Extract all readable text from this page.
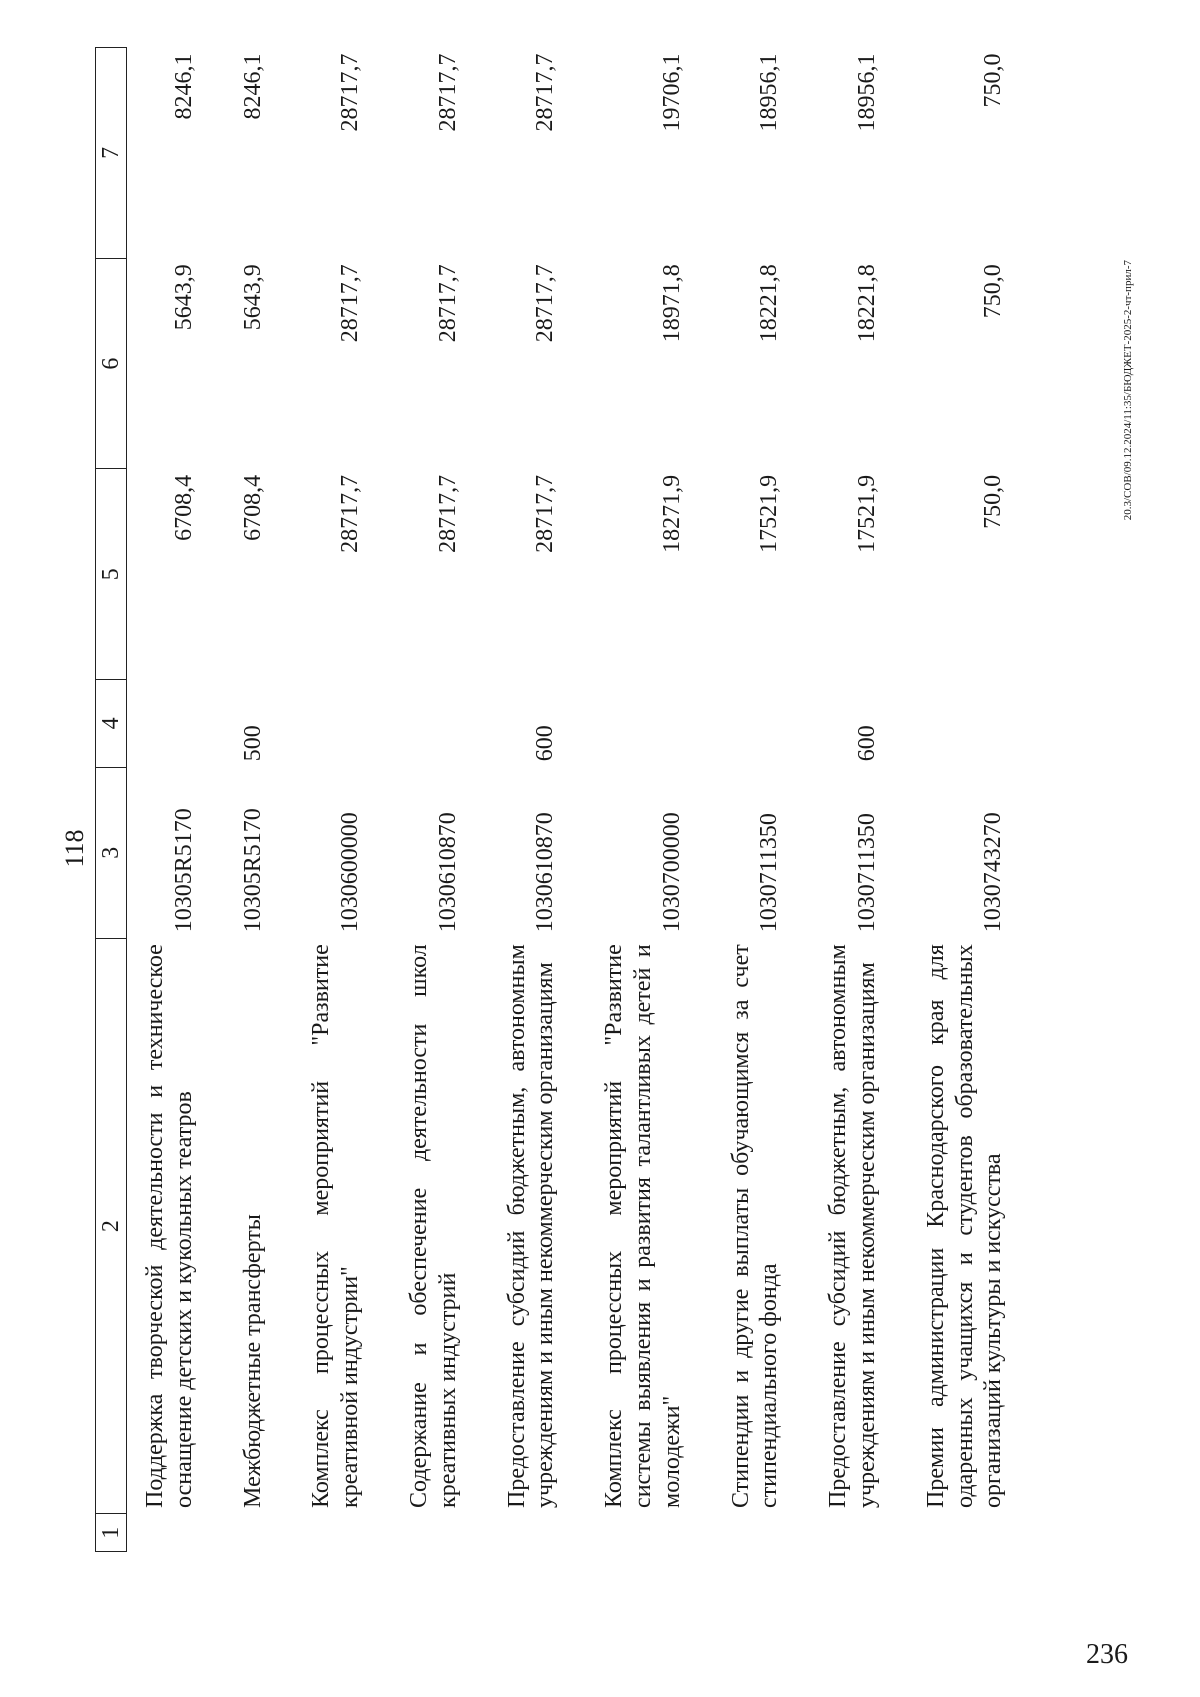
118
1	2	3	4	5	6	7
	Поддержка творческой деятельности и техническое оснащение детских и кукольных театров	10305R5170		6708,4	5643,9	8246,1
	Межбюджетные трансферты	10305R5170	500	6708,4	5643,9	8246,1
	Комплекс процессных мероприятий "Развитие креативной индустрии"	1030600000		28717,7	28717,7	28717,7
	Содержание и обеспечение деятельности школ креативных индустрий	1030610870		28717,7	28717,7	28717,7
	Предоставление субсидий бюджетным, автономным учреждениям и иным некоммерческим организациям	1030610870	600	28717,7	28717,7	28717,7
	Комплекс процессных мероприятий "Развитие системы выявления и развития талантливых детей и молодежи"	1030700000		18271,9	18971,8	19706,1
	Стипендии и другие выплаты обучающимся за счет стипендиального фонда	1030711350		17521,9	18221,8	18956,1
	Предоставление субсидий бюджетным, автономным учреждениям и иным некоммерческим организациям	1030711350	600	17521,9	18221,8	18956,1
	Премии администрации Краснодарского края для одаренных учащихся и студентов образовательных организаций культуры и искусства	1030743270		750,0	750,0	750,0
20.3/СОВ/09.12.2024/11:35/БЮДЖЕТ-2025-2-чт-прил-7
236
